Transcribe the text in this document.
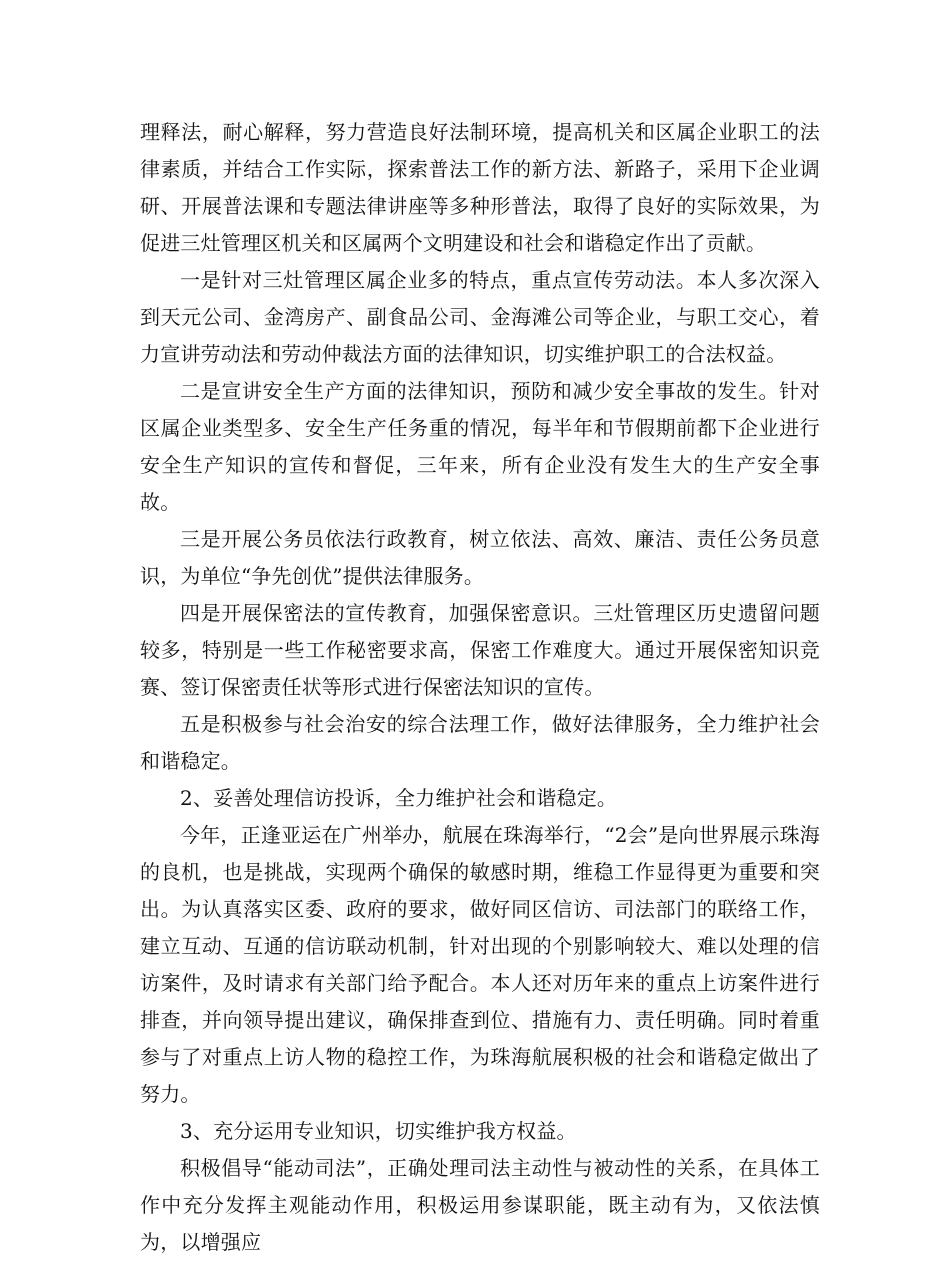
理释法，耐心解释，努力营造良好法制环境，提高机关和区属企业职工的法律素质，并结合工作实际，探索普法工作的新方法、新路子，采用下企业调研、开展普法课和专题法律讲座等多种形普法，取得了良好的实际效果，为促进三灶管理区机关和区属两个文明建设和社会和谐稳定作出了贡献。

一是针对三灶管理区属企业多的特点，重点宣传劳动法。本人多次深入到天元公司、金湾房产、副食品公司、金海滩公司等企业，与职工交心，着力宣讲劳动法和劳动仲裁法方面的法律知识，切实维护职工的合法权益。

二是宣讲安全生产方面的法律知识，预防和减少安全事故的发生。针对区属企业类型多、安全生产任务重的情况，每半年和节假期前都下企业进行安全生产知识的宣传和督促，三年来，所有企业没有发生大的生产安全事故。

三是开展公务员依法行政教育，树立依法、高效、廉洁、责任公务员意识，为单位“争先创优”提供法律服务。

四是开展保密法的宣传教育，加强保密意识。三灶管理区历史遗留问题较多，特别是一些工作秘密要求高，保密工作难度大。通过开展保密知识竞赛、签订保密责任状等形式进行保密法知识的宣传。

五是积极参与社会治安的综合法理工作，做好法律服务，全力维护社会和谐稳定。

2、妥善处理信访投诉，全力维护社会和谐稳定。

今年，正逢亚运在广州举办，航展在珠海举行，“2会”是向世界展示珠海的良机，也是挑战，实现两个确保的敏感时期，维稳工作显得更为重要和突出。为认真落实区委、政府的要求，做好同区信访、司法部门的联络工作，建立互动、互通的信访联动机制，针对出现的个别影响较大、难以处理的信访案件，及时请求有关部门给予配合。本人还对历年来的重点上访案件进行排查，并向领导提出建议，确保排查到位、措施有力、责任明确。同时着重参与了对重点上访人物的稳控工作，为珠海航展积极的社会和谐稳定做出了努力。

3、充分运用专业知识，切实维护我方权益。

积极倡导“能动司法”，正确处理司法主动性与被动性的关系，在具体工作中充分发挥主观能动作用，积极运用参谋职能，既主动有为，又依法慎为，以增强应
